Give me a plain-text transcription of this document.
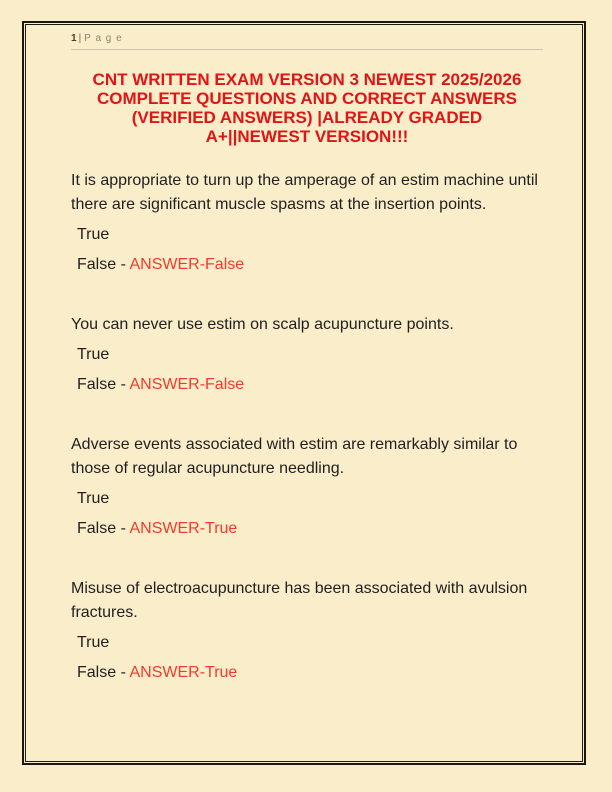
1 | P a g e
CNT WRITTEN EXAM VERSION 3 NEWEST 2025/2026
COMPLETE QUESTIONS AND CORRECT ANSWERS
(VERIFIED ANSWERS) |ALREADY GRADED
A+||NEWEST VERSION!!!

It is appropriate to turn up the amperage of an estim machine until there are significant muscle spasms at the insertion points.

True

False - ANSWER-False

You can never use estim on scalp acupuncture points.

True

False - ANSWER-False

Adverse events associated with estim are remarkably similar to those of regular acupuncture needling.

True

False - ANSWER-True

Misuse of electroacupuncture has been associated with avulsion fractures.

True

False - ANSWER-True
